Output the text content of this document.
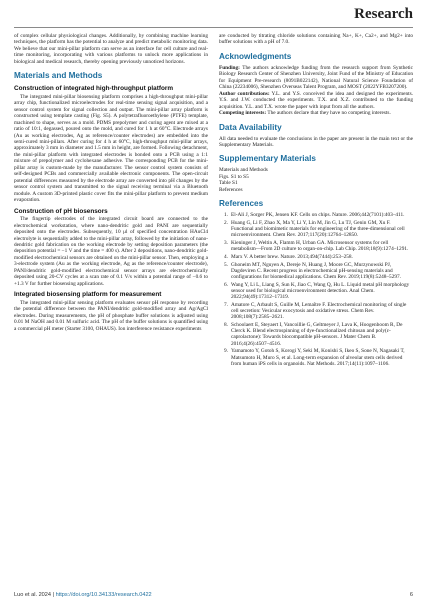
Research

of complex cellular physiological changes. Additionally, by combining machine learning techniques, the platform has the potential to analyze and predict metabolic monitoring data. We believe that our mini-pillar platform can serve as an interface for cell culture and real-time monitoring, incorporating with various platforms to unlock more applications in biological and medical research, thereby opening previously unnoticed horizons.

Materials and Methods
Construction of integrated high-throughput platform

The integrated mini-pillar biosensing platform comprises a high-throughput mini-pillar array chip, functionalized microelectrodes for real-time sensing signal acquisition, and a sensor control system for signal collection and output. The mini-pillar array platform is constructed using template casting (Fig. S5). A polytetrafluoroethylene (PTFE) template, machined to shape, serves as a mold. PDMS prepolymer and curing agent are mixed at a ratio of 10:1, degassed, poured onto the mold, and cured for 1 h at 60°C. Electrode arrays (Au as working electrodes, Ag as reference/counter electrodes) are embedded into the semi-cured mini-pillars. After curing for 4 h at 60°C, high-throughput mini-pillar arrays, approximately 3 mm in diameter and 1.5 mm in height, are formed. Following detachment, the mini-pillar platform with integrated electrodes is bonded onto a PCB using a 1:1 mixture of prepolymer and cyclohexane adhesive. The corresponding PCB for the mini-pillar array is custom-made by the manufacturer. The sensor control system consists of self-designed PCBs and commercially available electronic components. The open-circuit potential differences measured by the electrode array are converted into pH changes by the sensor control system and transmitted to the signal receiving terminal via a Bluetooth module. A custom 3D-printed plastic cover fits the mini-pillar platform to prevent medium evaporation.

Construction of pH biosensors

The fingertip electrodes of the integrated circuit board are connected to the electrochemical workstation, where nano-dendritic gold and PANI are sequentially deposited onto the electrodes. Subsequently, 10 μl of specified concentration HAuCl4 electrolyte is sequentially added to the mini-pillar array, followed by the initiation of nano-dendritic gold fabrication on the working electrode by setting deposition parameters (the deposition potential = −1 V and the time = 400 s). After 2 depositions, nano-dendritic gold-modified electrochemical sensors are obtained on the mini-pillar sensor. Then, employing a 3-electrode system (Au as the working electrode, Ag as the reference/counter electrode), PANI/dendritic gold-modified electrochemical sensor arrays are electrochemically deposited using 20-CV cycles at a scan rate of 0.1 V/s within a potential range of −0.6 to +1.3 V for further biosensing applications.

Integrated biosensing platform for measurement

The integrated mini-pillar sensing platform evaluates sensor pH response by recording the potential difference between the PANI/dendritic gold-modified array and Ag/AgCl electrodes. During measurements, the pH of phosphate buffer solutions is adjusted using 0.01 M NaOH and 0.01 M sulfuric acid. The pH of the buffer solutions is quantified using a commercial pH meter (Starter 3100, OHAUS). Ion interference resistance experiments

are conducted by titrating chloride solutions containing Na+, K+, Ca2+, and Mg2+ into buffer solutions with a pH of 7.0.

Acknowledgments

Funding: The authors acknowledge funding from the research support from Synthetic Biology Research Center of Shenzhen University, Joint Fund of the Ministry of Education for Equipment Pre-research (8091B022142), National Natural Science Foundation of China (22234006), Shenzhen Overseas Talent Program, and MOST (2022YFB3207200).

Author contributions: Y.L. and Y.S. conceived the idea and designed the experiments. Y.S. and J.W. conducted the experiments. T.X. and X.Z. contributed to the funding acquisition. Y.L. and T.X. wrote the paper with input from all the authors.

Competing interests: The authors declare that they have no competing interests.

Data Availability

All data needed to evaluate the conclusions in the paper are present in the main text or the Supplementary Materials.

Supplementary Materials
Materials and Methods
Figs. S1 to S5
Table S1
References
References
1. El-Ali J, Sorger PK, Jensen KF. Cells on chips. Nature. 2006;442(7101):403–411.
2. Huang G, Li F, Zhao X, Ma Y, Li Y, Lin M, Jin G, Lu TJ, Genin GM, Xu F. Functional and biomimetic materials for engineering of the three-dimensional cell microenvironment. Chem Rev. 2017;117(20):12764–12850.
3. Kieninger J, Weltin A, Flamm H, Urban GA. Microsensor systems for cell metabolism—From 2D culture to organ-on-chip. Lab Chip. 2018;18(9):1274–1291.
4. Marx V. A better brew. Nature. 2013;494(7444):253–258.
5. Ghoneim MT, Nguyen A, Dereje N, Huang J, Moore GC, Murzynowski PJ, Dagdeviren C. Recent progress in electrochemical pH-sensing materials and configurations for biomedical applications. Chem Rev. 2019;119(8):5248–5297.
6. Wang Y, Li L, Liang S, Sun K, Jiao C, Wang Q, Hu L. Liquid metal pH morphology sensor used for biological microenvironment detection. Anal Chem. 2022;94(49):17312–17319.
7. Amatore C, Arbault S, Guille M, Lemaître F. Electrochemical monitoring of single cell secretion: Vesicular exocytosis and oxidative stress. Chem Rev. 2008;108(7):2585–2621.
8. Schoolaert E, Steyaert I, Vancoillie G, Geltmeyer J, Lava K, Hoogenboom R, De Clerck K. Blend electrospinning of dye-functionalized chitosan and poly(ε-caprolactone): Towards biocompatible pH-sensors. J Mater Chem B. 2016;4(26):4507–4516.
9. Yamamoto Y, Gotoh S, Korogi Y, Seki M, Konishi S, Ikeo S, Sone N, Nagasaki T, Matsumoto H, Muro S, et al. Long-term expansion of alveolar stem cells derived from human iPS cells in organoids. Nat Methods. 2017;14(11):1097–1106.
Luo et al. 2024 | https://doi.org/10.34133/research.0422	6
